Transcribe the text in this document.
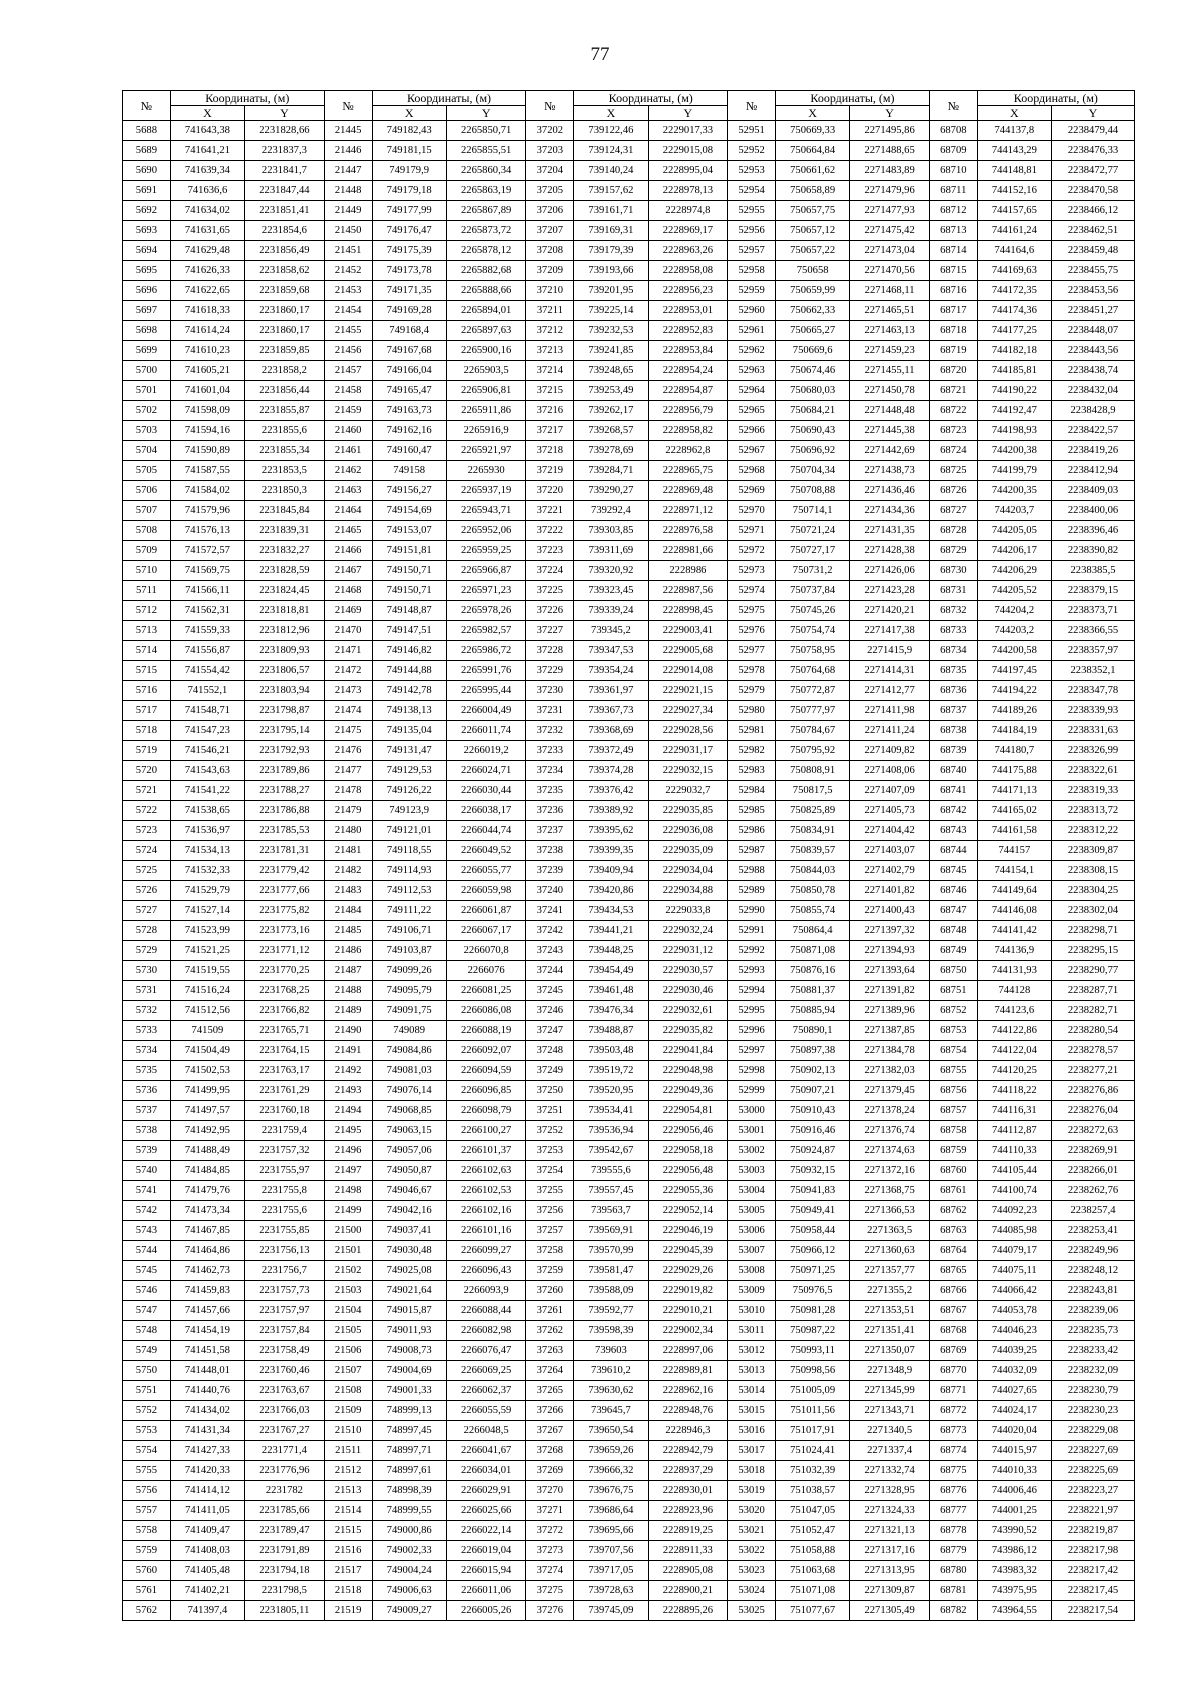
77
№	Координаты, (м)		№	Координаты, (м)		№	Координаты, (м)		№	Координаты, (м)		№	Координаты, (м)	
	X	Y		X	Y		X	Y		X	Y		X	Y
5688	741643,38	2231828,66	21445	749182,43	2265850,71	37202	739122,46	2229017,33	52951	750669,33	2271495,86	68708	744137,8	2238479,44
5689	741641,21	2231837,3	21446	749181,15	2265855,51	37203	739124,31	2229015,08	52952	750664,84	2271488,65	68709	744143,29	2238476,33
5690	741639,34	2231841,7	21447	749179,9	2265860,34	37204	739140,24	2228995,04	52953	750661,62	2271483,89	68710	744148,81	2238472,77
5691	741636,6	2231847,44	21448	749179,18	2265863,19	37205	739157,62	2228978,13	52954	750658,89	2271479,96	68711	744152,16	2238470,58
5692	741634,02	2231851,41	21449	749177,99	2265867,89	37206	739161,71	2228974,8	52955	750657,75	2271477,93	68712	744157,65	2238466,12
5693	741631,65	2231854,6	21450	749176,47	2265873,72	37207	739169,31	2228969,17	52956	750657,12	2271475,42	68713	744161,24	2238462,51
5694	741629,48	2231856,49	21451	749175,39	2265878,12	37208	739179,39	2228963,26	52957	750657,22	2271473,04	68714	744164,6	2238459,48
5695	741626,33	2231858,62	21452	749173,78	2265882,68	37209	739193,66	2228958,08	52958	750658	2271470,56	68715	744169,63	2238455,75
5696	741622,65	2231859,68	21453	749171,35	2265888,66	37210	739201,95	2228956,23	52959	750659,99	2271468,11	68716	744172,35	2238453,56
5697	741618,33	2231860,17	21454	749169,28	2265894,01	37211	739225,14	2228953,01	52960	750662,33	2271465,51	68717	744174,36	2238451,27
5698	741614,24	2231860,17	21455	749168,4	2265897,63	37212	739232,53	2228952,83	52961	750665,27	2271463,13	68718	744177,25	2238448,07
5699	741610,23	2231859,85	21456	749167,68	2265900,16	37213	739241,85	2228953,84	52962	750669,6	2271459,23	68719	744182,18	2238443,56
5700	741605,21	2231858,2	21457	749166,04	2265903,5	37214	739248,65	2228954,24	52963	750674,46	2271455,11	68720	744185,81	2238438,74
5701	741601,04	2231856,44	21458	749165,47	2265906,81	37215	739253,49	2228954,87	52964	750680,03	2271450,78	68721	744190,22	2238432,04
5702	741598,09	2231855,87	21459	749163,73	2265911,86	37216	739262,17	2228956,79	52965	750684,21	2271448,48	68722	744192,47	2238428,9
5703	741594,16	2231855,6	21460	749162,16	2265916,9	37217	739268,57	2228958,82	52966	750690,43	2271445,38	68723	744198,93	2238422,57
5704	741590,89	2231855,34	21461	749160,47	2265921,97	37218	739278,69	2228962,8	52967	750696,92	2271442,69	68724	744200,38	2238419,26
5705	741587,55	2231853,5	21462	749158	2265930	37219	739284,71	2228965,75	52968	750704,34	2271438,73	68725	744199,79	2238412,94
5706	741584,02	2231850,3	21463	749156,27	2265937,19	37220	739290,27	2228969,48	52969	750708,88	2271436,46	68726	744200,35	2238409,03
5707	741579,96	2231845,84	21464	749154,69	2265943,71	37221	739292,4	2228971,12	52970	750714,1	2271434,36	68727	744203,7	2238400,06
5708	741576,13	2231839,31	21465	749153,07	2265952,06	37222	739303,85	2228976,58	52971	750721,24	2271431,35	68728	744205,05	2238396,46
5709	741572,57	2231832,27	21466	749151,81	2265959,25	37223	739311,69	2228981,66	52972	750727,17	2271428,38	68729	744206,17	2238390,82
5710	741569,75	2231828,59	21467	749150,71	2265966,87	37224	739320,92	2228986	52973	750731,2	2271426,06	68730	744206,29	2238385,5
5711	741566,11	2231824,45	21468	749150,71	2265971,23	37225	739323,45	2228987,56	52974	750737,84	2271423,28	68731	744205,52	2238379,15
5712	741562,31	2231818,81	21469	749148,87	2265978,26	37226	739339,24	2228998,45	52975	750745,26	2271420,21	68732	744204,2	2238373,71
5713	741559,33	2231812,96	21470	749147,51	2265982,57	37227	739345,2	2229003,41	52976	750754,74	2271417,38	68733	744203,2	2238366,55
5714	741556,87	2231809,93	21471	749146,82	2265986,72	37228	739347,53	2229005,68	52977	750758,95	2271415,9	68734	744200,58	2238357,97
5715	741554,42	2231806,57	21472	749144,88	2265991,76	37229	739354,24	2229014,08	52978	750764,68	2271414,31	68735	744197,45	2238352,1
5716	741552,1	2231803,94	21473	749142,78	2265995,44	37230	739361,97	2229021,15	52979	750772,87	2271412,77	68736	744194,22	2238347,78
5717	741548,71	2231798,87	21474	749138,13	2266004,49	37231	739367,73	2229027,34	52980	750777,97	2271411,98	68737	744189,26	2238339,93
5718	741547,23	2231795,14	21475	749135,04	2266011,74	37232	739368,69	2229028,56	52981	750784,67	2271411,24	68738	744184,19	2238331,63
5719	741546,21	2231792,93	21476	749131,47	2266019,2	37233	739372,49	2229031,17	52982	750795,92	2271409,82	68739	744180,7	2238326,99
5720	741543,63	2231789,86	21477	749129,53	2266024,71	37234	739374,28	2229032,15	52983	750808,91	2271408,06	68740	744175,88	2238322,61
5721	741541,22	2231788,27	21478	749126,22	2266030,44	37235	739376,42	2229032,7	52984	750817,5	2271407,09	68741	744171,13	2238319,33
5722	741538,65	2231786,88	21479	749123,9	2266038,17	37236	739389,92	2229035,85	52985	750825,89	2271405,73	68742	744165,02	2238313,72
5723	741536,97	2231785,53	21480	749121,01	2266044,74	37237	739395,62	2229036,08	52986	750834,91	2271404,42	68743	744161,58	2238312,22
5724	741534,13	2231781,31	21481	749118,55	2266049,52	37238	739399,35	2229035,09	52987	750839,57	2271403,07	68744	744157	2238309,87
5725	741532,33	2231779,42	21482	749114,93	2266055,77	37239	739409,94	2229034,04	52988	750844,03	2271402,79	68745	744154,1	2238308,15
5726	741529,79	2231777,66	21483	749112,53	2266059,98	37240	739420,86	2229034,88	52989	750850,78	2271401,82	68746	744149,64	2238304,25
5727	741527,14	2231775,82	21484	749111,22	2266061,87	37241	739434,53	2229033,8	52990	750855,74	2271400,43	68747	744146,08	2238302,04
5728	741523,99	2231773,16	21485	749106,71	2266067,17	37242	739441,21	2229032,24	52991	750864,4	2271397,32	68748	744141,42	2238298,71
5729	741521,25	2231771,12	21486	749103,87	2266070,8	37243	739448,25	2229031,12	52992	750871,08	2271394,93	68749	744136,9	2238295,15
5730	741519,55	2231770,25	21487	749099,26	2266076	37244	739454,49	2229030,57	52993	750876,16	2271393,64	68750	744131,93	2238290,77
5731	741516,24	2231768,25	21488	749095,79	2266081,25	37245	739461,48	2229030,46	52994	750881,37	2271391,82	68751	744128	2238287,71
5732	741512,56	2231766,82	21489	749091,75	2266086,08	37246	739476,34	2229032,61	52995	750885,94	2271389,96	68752	744123,6	2238282,71
5733	741509	2231765,71	21490	749089	2266088,19	37247	739488,87	2229035,82	52996	750890,1	2271387,85	68753	744122,86	2238280,54
5734	741504,49	2231764,15	21491	749084,86	2266092,07	37248	739503,48	2229041,84	52997	750897,38	2271384,78	68754	744122,04	2238278,57
5735	741502,53	2231763,17	21492	749081,03	2266094,59	37249	739519,72	2229048,98	52998	750902,13	2271382,03	68755	744120,25	2238277,21
5736	741499,95	2231761,29	21493	749076,14	2266096,85	37250	739520,95	2229049,36	52999	750907,21	2271379,45	68756	744118,22	2238276,86
5737	741497,57	2231760,18	21494	749068,85	2266098,79	37251	739534,41	2229054,81	53000	750910,43	2271378,24	68757	744116,31	2238276,04
5738	741492,95	2231759,4	21495	749063,15	2266100,27	37252	739536,94	2229056,46	53001	750916,46	2271376,74	68758	744112,87	2238272,63
5739	741488,49	2231757,32	21496	749057,06	2266101,37	37253	739542,67	2229058,18	53002	750924,87	2271374,63	68759	744110,33	2238269,91
5740	741484,85	2231755,97	21497	749050,87	2266102,63	37254	739555,6	2229056,48	53003	750932,15	2271372,16	68760	744105,44	2238266,01
5741	741479,76	2231755,8	21498	749046,67	2266102,53	37255	739557,45	2229055,36	53004	750941,83	2271368,75	68761	744100,74	2238262,76
5742	741473,34	2231755,6	21499	749042,16	2266102,16	37256	739563,7	2229052,14	53005	750949,41	2271366,53	68762	744092,23	2238257,4
5743	741467,85	2231755,85	21500	749037,41	2266101,16	37257	739569,91	2229046,19	53006	750958,44	2271363,5	68763	744085,98	2238253,41
5744	741464,86	2231756,13	21501	749030,48	2266099,27	37258	739570,99	2229045,39	53007	750966,12	2271360,63	68764	744079,17	2238249,96
5745	741462,73	2231756,7	21502	749025,08	2266096,43	37259	739581,47	2229029,26	53008	750971,25	2271357,77	68765	744075,11	2238248,12
5746	741459,83	2231757,73	21503	749021,64	2266093,9	37260	739588,09	2229019,82	53009	750976,5	2271355,2	68766	744066,42	2238243,81
5747	741457,66	2231757,97	21504	749015,87	2266088,44	37261	739592,77	2229010,21	53010	750981,28	2271353,51	68767	744053,78	2238239,06
5748	741454,19	2231757,84	21505	749011,93	2266082,98	37262	739598,39	2229002,34	53011	750987,22	2271351,41	68768	744046,23	2238235,73
5749	741451,58	2231758,49	21506	749008,73	2266076,47	37263	739603	2228997,06	53012	750993,11	2271350,07	68769	744039,25	2238233,42
5750	741448,01	2231760,46	21507	749004,69	2266069,25	37264	739610,2	2228989,81	53013	750998,56	2271348,9	68770	744032,09	2238232,09
5751	741440,76	2231763,67	21508	749001,33	2266062,37	37265	739630,62	2228962,16	53014	751005,09	2271345,99	68771	744027,65	2238230,79
5752	741434,02	2231766,03	21509	748999,13	2266055,59	37266	739645,7	2228948,76	53015	751011,56	2271343,71	68772	744024,17	2238230,23
5753	741431,34	2231767,27	21510	748997,45	2266048,5	37267	739650,54	2228946,3	53016	751017,91	2271340,5	68773	744020,04	2238229,08
5754	741427,33	2231771,4	21511	748997,71	2266041,67	37268	739659,26	2228942,79	53017	751024,41	2271337,4	68774	744015,97	2238227,69
5755	741420,33	2231776,96	21512	748997,61	2266034,01	37269	739666,32	2228937,29	53018	751032,39	2271332,74	68775	744010,33	2238225,69
5756	741414,12	2231782	21513	748998,39	2266029,91	37270	739676,75	2228930,01	53019	751038,57	2271328,95	68776	744006,46	2238223,27
5757	741411,05	2231785,66	21514	748999,55	2266025,66	37271	739686,64	2228923,96	53020	751047,05	2271324,33	68777	744001,25	2238221,97
5758	741409,47	2231789,47	21515	749000,86	2266022,14	37272	739695,66	2228919,25	53021	751052,47	2271321,13	68778	743990,52	2238219,87
5759	741408,03	2231791,89	21516	749002,33	2266019,04	37273	739707,56	2228911,33	53022	751058,88	2271317,16	68779	743986,12	2238217,98
5760	741405,48	2231794,18	21517	749004,24	2266015,94	37274	739717,05	2228905,08	53023	751063,68	2271313,95	68780	743983,32	2238217,42
5761	741402,21	2231798,5	21518	749006,63	2266011,06	37275	739728,63	2228900,21	53024	751071,08	2271309,87	68781	743975,95	2238217,45
5762	741397,4	2231805,11	21519	749009,27	2266005,26	37276	739745,09	2228895,26	53025	751077,67	2271305,49	68782	743964,55	2238217,54
